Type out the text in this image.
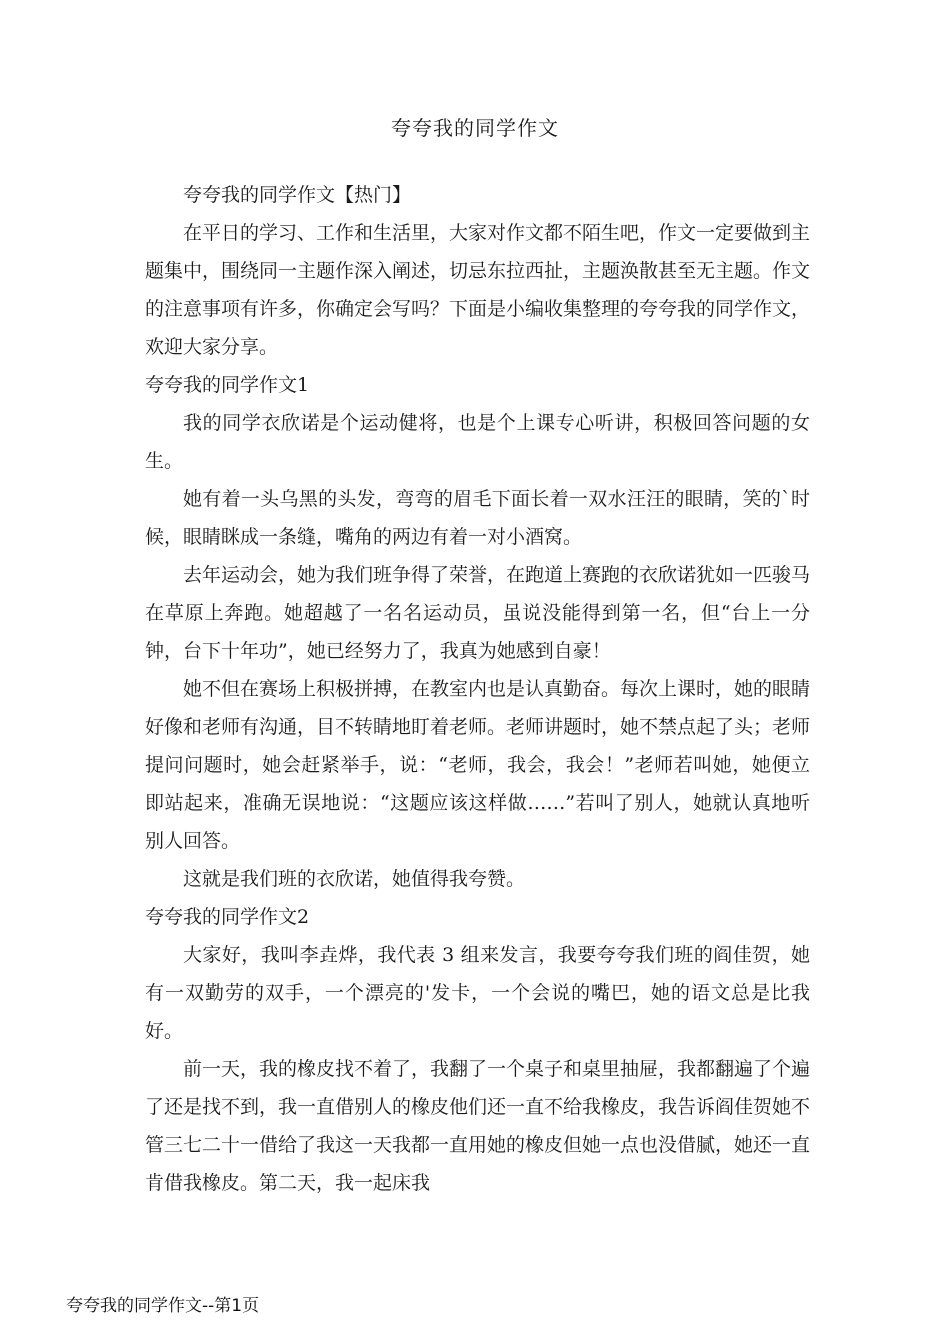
夸夸我的同学作文

夸夸我的同学作文【热门】

在平日的学习、工作和生活里，大家对作文都不陌生吧，作文一定要做到主题集中，围绕同一主题作深入阐述，切忌东拉西扯，主题涣散甚至无主题。作文的注意事项有许多，你确定会写吗？下面是小编收集整理的夸夸我的同学作文，欢迎大家分享。

夸夸我的同学作文1

我的同学衣欣诺是个运动健将，也是个上课专心听讲，积极回答问题的女生。

她有着一头乌黑的头发，弯弯的眉毛下面长着一双水汪汪的眼睛，笑的`时候，眼睛眯成一条缝，嘴角的两边有着一对小酒窝。

去年运动会，她为我们班争得了荣誉，在跑道上赛跑的衣欣诺犹如一匹骏马在草原上奔跑。她超越了一名名运动员，虽说没能得到第一名，但“台上一分钟，台下十年功”，她已经努力了，我真为她感到自豪！

她不但在赛场上积极拼搏，在教室内也是认真勤奋。每次上课时，她的眼睛好像和老师有沟通，目不转睛地盯着老师。老师讲题时，她不禁点起了头；老师提问问题时，她会赶紧举手，说：“老师，我会，我会！”老师若叫她，她便立即站起来，准确无误地说：“这题应该这样做……”若叫了别人，她就认真地听别人回答。

这就是我们班的衣欣诺，她值得我夸赞。

夸夸我的同学作文2

大家好，我叫李垚烨，我代表 3 组来发言，我要夸夸我们班的阎佳贺，她有一双勤劳的双手，一个漂亮的'发卡，一个会说的嘴巴，她的语文总是比我好。

前一天，我的橡皮找不着了，我翻了一个桌子和桌里抽屉，我都翻遍了个遍了还是找不到，我一直借别人的橡皮他们还一直不给我橡皮，我告诉阎佳贺她不管三七二十一借给了我这一天我都一直用她的橡皮但她一点也没借腻，她还一直肯借我橡皮。第二天，我一起床我

夸夸我的同学作文--第1页
